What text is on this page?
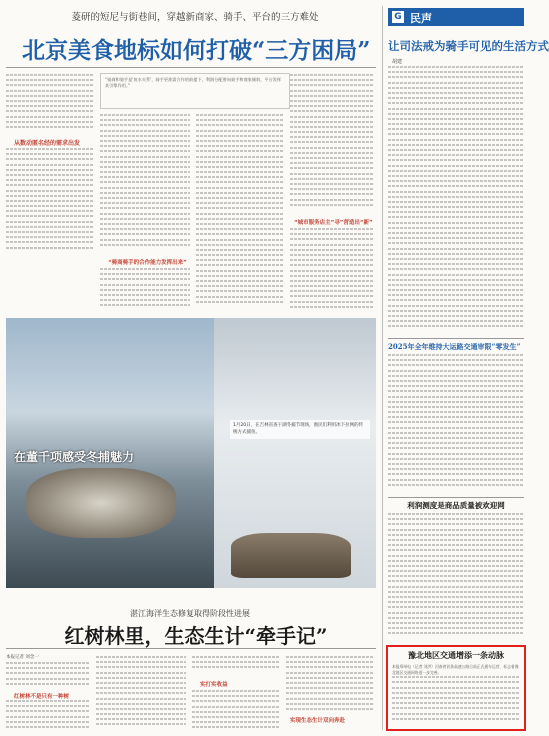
菱研的短尼与街巷间，穿越新商家、骑手、平台的三方难处
北京美食地标如何打破“三方困局”
“骑商和骑手是'鱼水关系'，骑手更准需合作的前提下，利润分配要向骑手和商家倾斜，平台发挥其引擎作用。”
从数动匿名经的需求出发
“骑商骑手的合作能力发挥出来”
“城市服务店主”寻”营造出“新”
在董千项感受冬捕魅力
1月20日，在吉林省查干湖冬捕节现场，渔民们利用冰下拉网的传统方式捕鱼。
湛江海洋生态修复取得阶段性进展
红树林里，生态生计“牵手记”
本报记者 刘念一
红树林不是只有一种树
实打实收益
实现生态生计双向奔赴
G 民声
让司法戒为骑手可见的生活方式
胡建
2025年全年维持大运路交通审限“零发生”
利润测度是商品质量被欢迎网
豫北地区交通增添一条动脉
本报郑州电（记者 刘洪）河南省首条高速公路日前正式通车运营，标志着豫北地区交通网络进一步完善。
